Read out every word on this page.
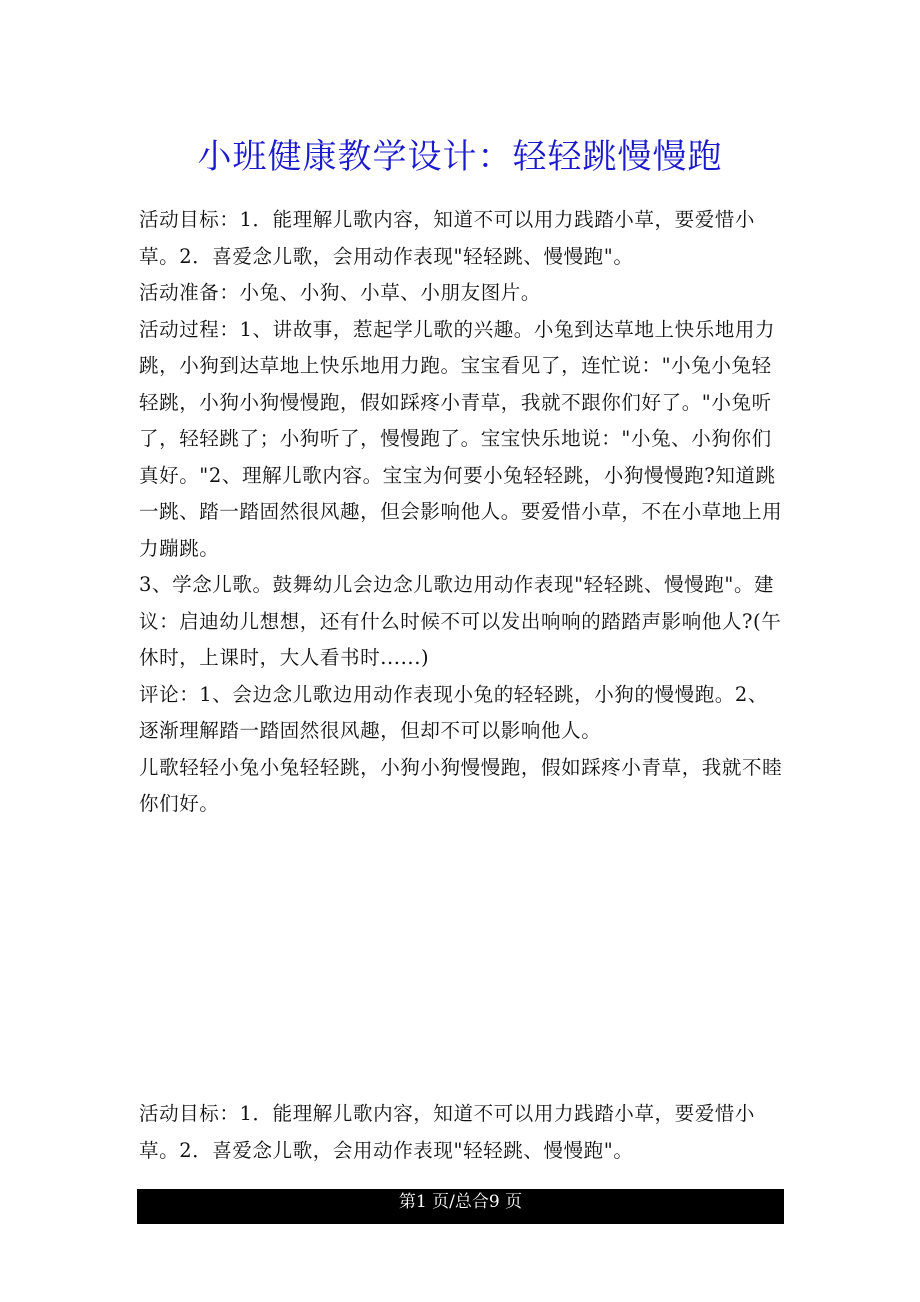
小班健康教学设计：轻轻跳慢慢跑

活动目标：1．能理解儿歌内容，知道不可以用力践踏小草，要爱惜小草。2．喜爱念儿歌，会用动作表现"轻轻跳、慢慢跑"。

活动准备：小兔、小狗、小草、小朋友图片。

活动过程：1、讲故事，惹起学儿歌的兴趣。小兔到达草地上快乐地用力跳，小狗到达草地上快乐地用力跑。宝宝看见了，连忙说："小兔小兔轻轻跳，小狗小狗慢慢跑，假如踩疼小青草，我就不跟你们好了。"小兔听了，轻轻跳了；小狗听了，慢慢跑了。宝宝快乐地说："小兔、小狗你们真好。"2、理解儿歌内容。宝宝为何要小兔轻轻跳，小狗慢慢跑?知道跳一跳、踏一踏固然很风趣，但会影响他人。要爱惜小草，不在小草地上用力蹦跳。

3、学念儿歌。鼓舞幼儿会边念儿歌边用动作表现"轻轻跳、慢慢跑"。建议：启迪幼儿想想，还有什么时候不可以发出响响的踏踏声影响他人?(午休时，上课时，大人看书时......)

评论：1、会边念儿歌边用动作表现小兔的轻轻跳，小狗的慢慢跑。2、逐渐理解踏一踏固然很风趣，但却不可以影响他人。

儿歌轻轻小兔小兔轻轻跳，小狗小狗慢慢跑，假如踩疼小青草，我就不睦你们好。

活动目标：1．能理解儿歌内容，知道不可以用力践踏小草，要爱惜小草。2．喜爱念儿歌，会用动作表现"轻轻跳、慢慢跑"。

第1 页/总合9 页
